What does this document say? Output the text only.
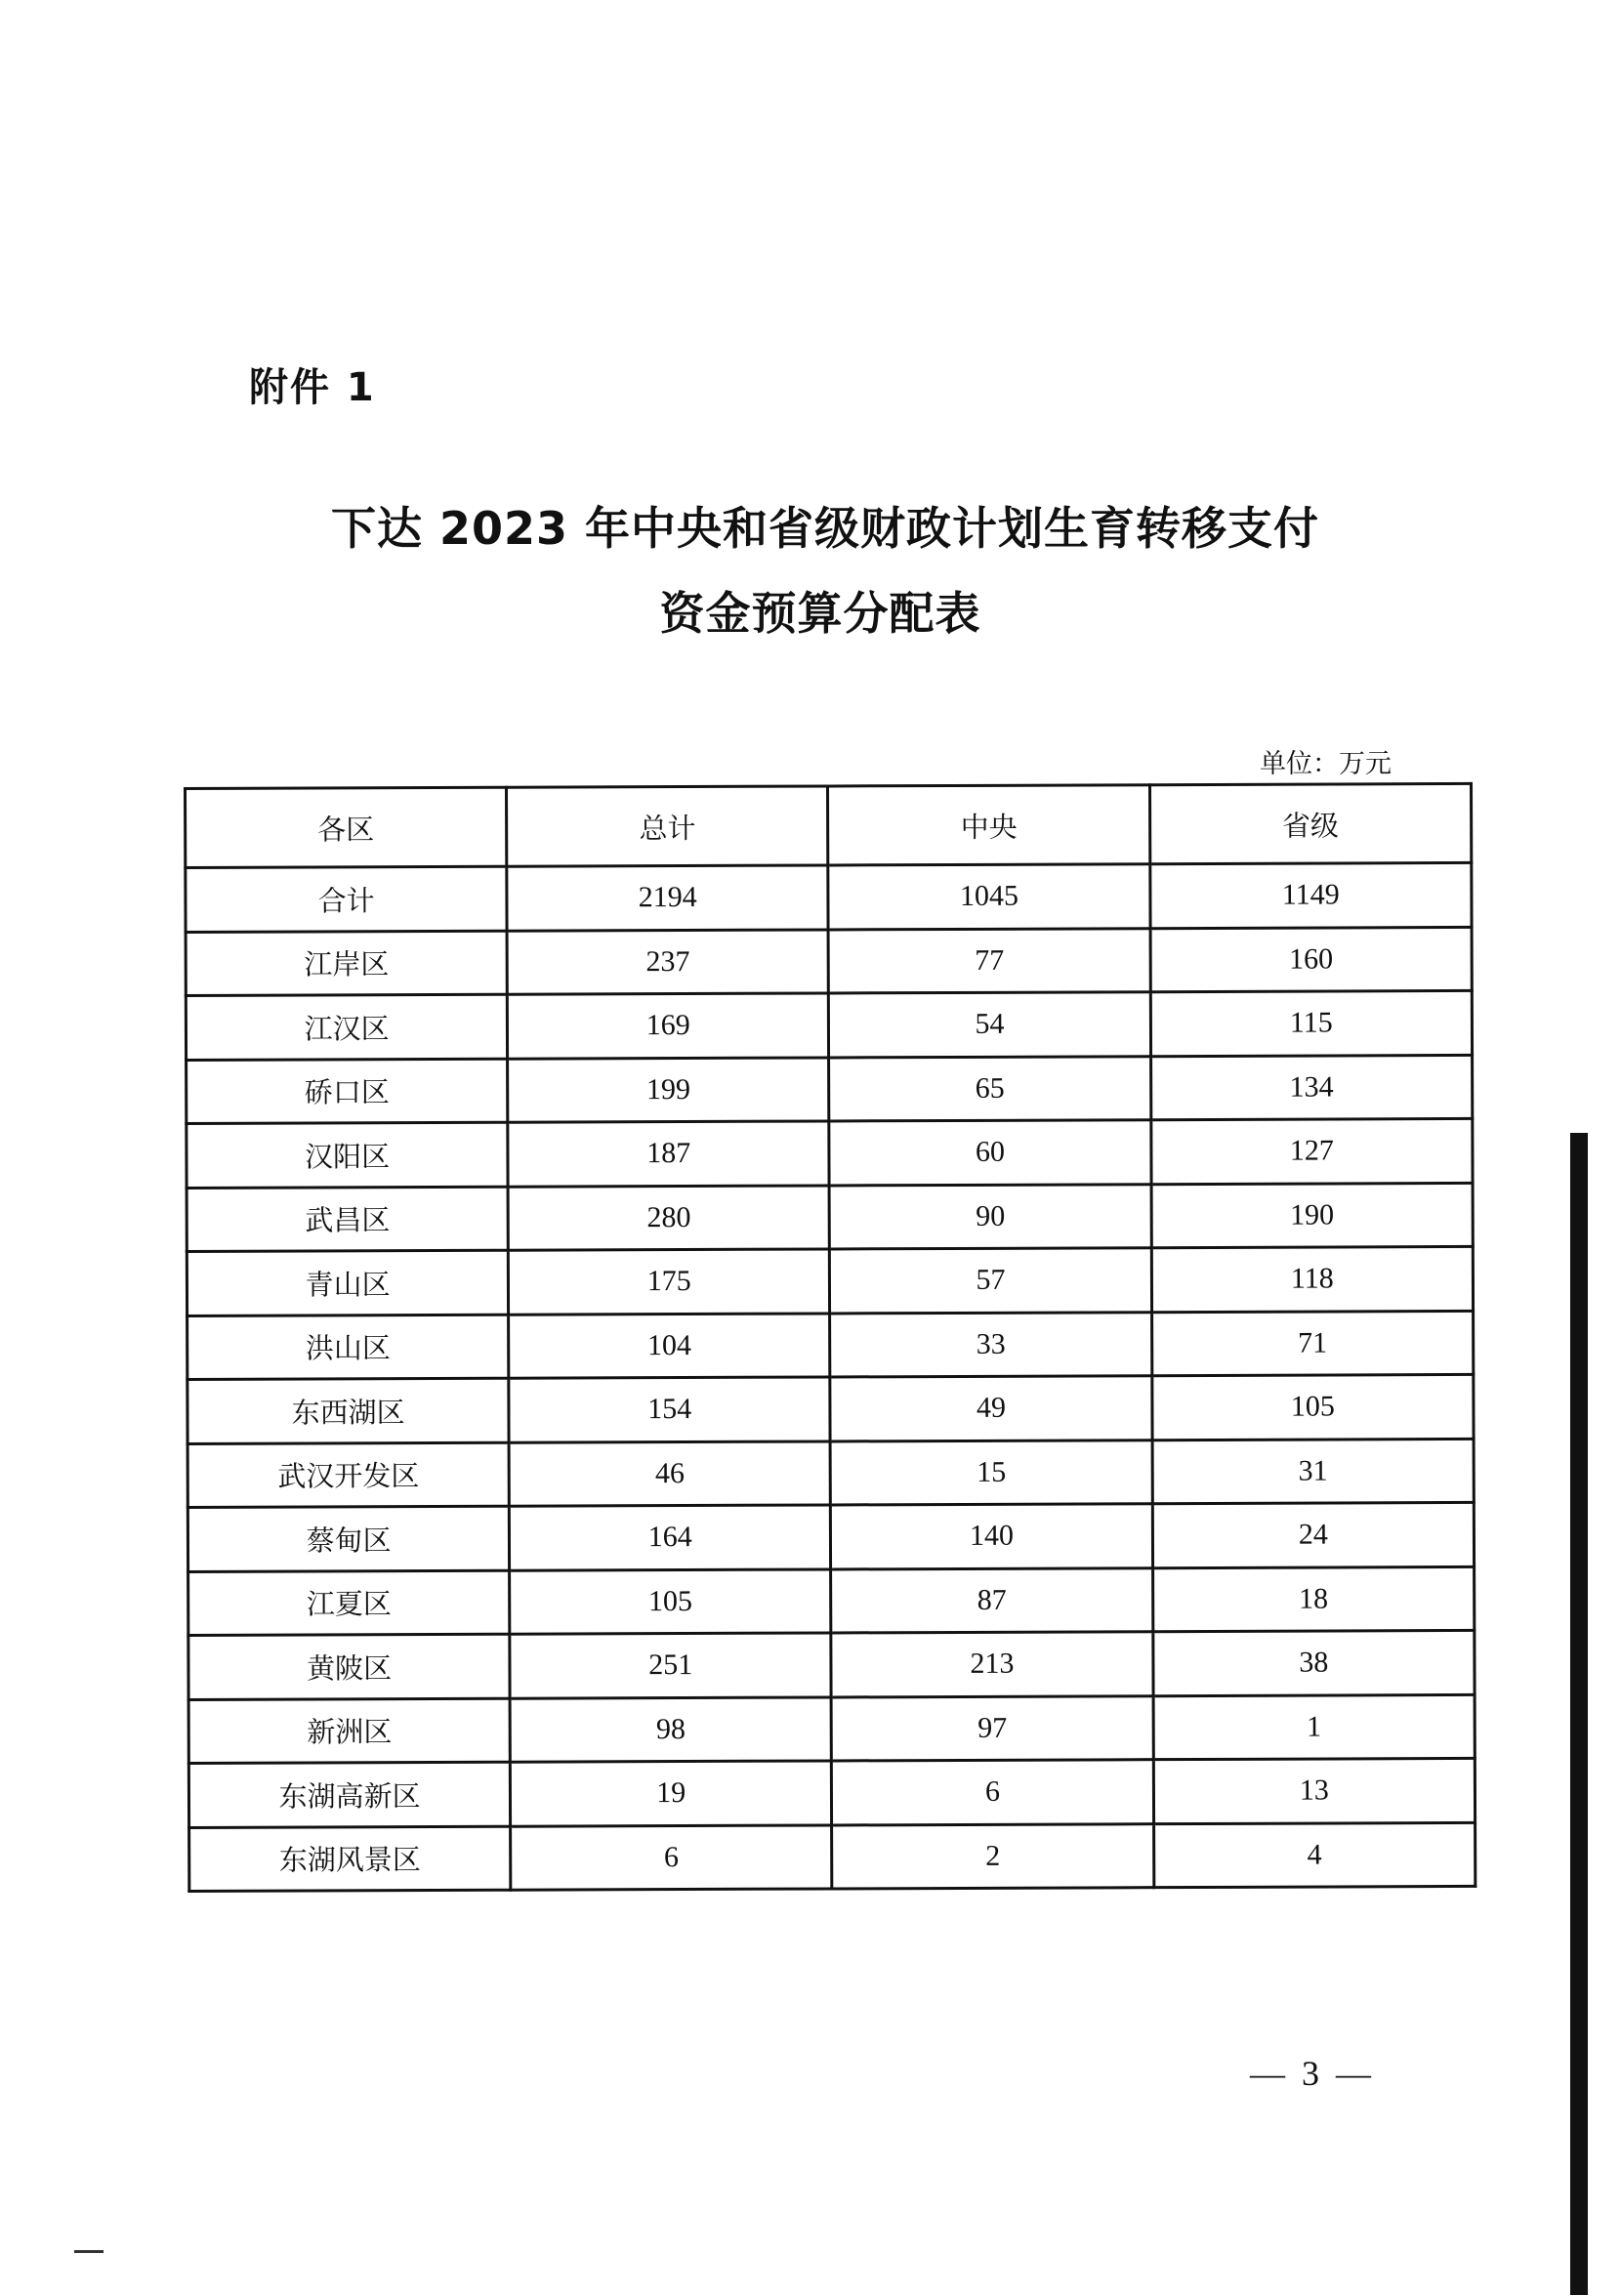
附件 1
下达 2023 年中央和省级财政计划生育转移支付
资金预算分配表
单位：万元
各区	总计	中央	省级
合计	2194	1045	1149
江岸区	237	77	160
江汉区	169	54	115
硚口区	199	65	134
汉阳区	187	60	127
武昌区	280	90	190
青山区	175	57	118
洪山区	104	33	71
东西湖区	154	49	105
武汉开发区	46	15	31
蔡甸区	164	140	24
江夏区	105	87	18
黄陂区	251	213	38
新洲区	98	97	1
东湖高新区	19	6	13
东湖风景区	6	2	4
— 3 —
